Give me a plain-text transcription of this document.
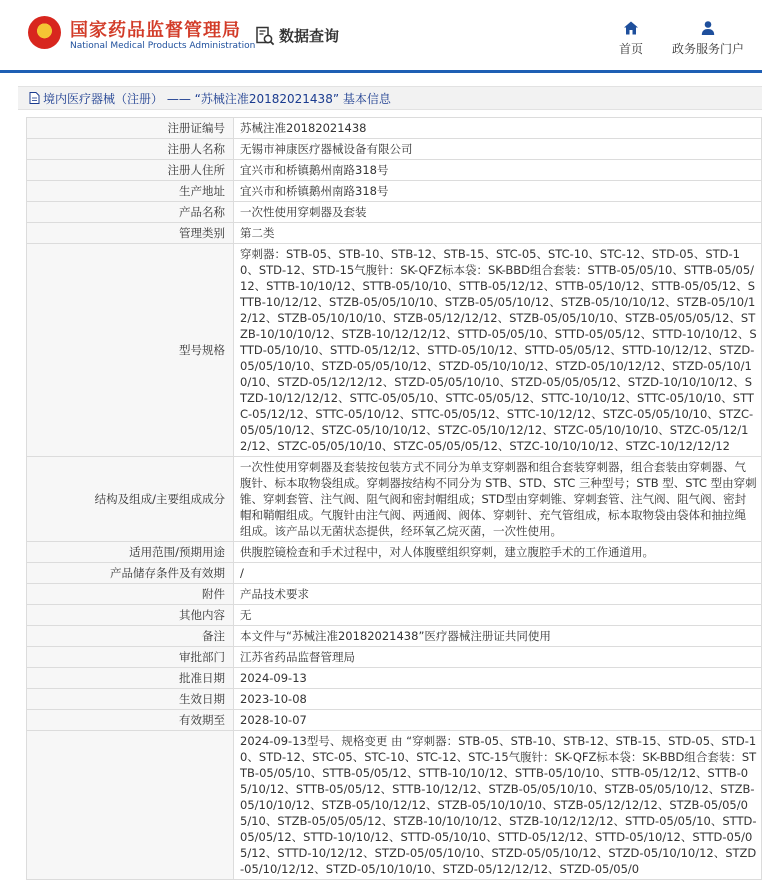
国家药品监督管理局
National Medical Products Administration
数据查询
首页	政务服务门户
境内医疗器械（注册） —— “苏械注准20182021438” 基本信息
注册证编号	苏械注准20182021438
注册人名称	无锡市神康医疗器械设备有限公司
注册人住所	宜兴市和桥镇鹅州南路318号
生产地址	宜兴市和桥镇鹅州南路318号
产品名称	一次性使用穿刺器及套装
管理类别	第二类
型号规格	穿刺器：STB-05、STB-10、STB-12、STB-15、STC-05、STC-10、STC-12、STD-05、STD-10、STD-12、STD-15气腹针：SK-QFZ标本袋：SK-BBD组合套装：STTB-05/05/10、STTB-05/05/12、STTB-10/10/12、STTB-05/10/10、STTB-05/12/12、STTB-05/10/12、STTB-05/05/12、STTB-10/12/12、STZB-05/05/10/10、STZB-05/05/10/12、STZB-05/10/10/12、STZB-05/10/12/12、STZB-05/10/10/10、STZB-05/12/12/12、STZB-05/05/10/10、STZB-05/05/05/12、STZB-10/10/10/12、STZB-10/12/12/12、STTD-05/05/10、STTD-05/05/12、STTD-10/10/12、STTD-05/10/10、STTD-05/12/12、STTD-05/10/12、STTD-05/05/12、STTD-10/12/12、STZD-05/05/10/10、STZD-05/05/10/12、STZD-05/10/10/12、STZD-05/10/12/12、STZD-05/10/10/10、STZD-05/12/12/12、STZD-05/05/10/10、STZD-05/05/05/12、STZD-10/10/10/12、STZD-10/12/12/12、STTC-05/05/10、STTC-05/05/12、STTC-10/10/12、STTC-05/10/10、STTC-05/12/12、STTC-05/10/12、STTC-05/05/12、STTC-10/12/12、STZC-05/05/10/10、STZC-05/05/10/12、STZC-05/10/10/12、STZC-05/10/12/12、STZC-05/10/10/10、STZC-05/12/12/12、STZC-05/05/10/10、STZC-05/05/05/12、STZC-10/10/10/12、STZC-10/12/12/12
结构及组成/主要组成成分	一次性使用穿刺器及套装按包装方式不同分为单支穿刺器和组合套装穿刺器，组合套装由穿刺器、气腹针、标本取物袋组成。穿刺器按结构不同分为 STB、STD、STC 三种型号；STB 型、STC 型由穿刺锥、穿刺套管、注气阀、阻气阀和密封帽组成；STD型由穿刺锥、穿刺套管、注气阀、阻气阀、密封帽和鞘帽组成。气腹针由注气阀、两通阀、阀体、穿刺针、充气管组成，标本取物袋由袋体和抽拉绳组成。该产品以无菌状态提供，经环氧乙烷灭菌，一次性使用。
适用范围/预期用途	供腹腔镜检查和手术过程中，对人体腹壁组织穿刺，建立腹腔手术的工作通道用。
产品储存条件及有效期	/
附件	产品技术要求
其他内容	无
备注	本文件与“苏械注准20182021438”医疗器械注册证共同使用
审批部门	江苏省药品监督管理局
批准日期	2024-09-13
生效日期	2023-10-08
有效期至	2028-10-07
	2024-09-13型号、规格变更 由 “穿刺器：STB-05、STB-10、STB-12、STB-15、STD-05、STD-10、STD-12、STC-05、STC-10、STC-12、STC-15气腹针：SK-QFZ标本袋：SK-BBD组合套装：STTB-05/05/10、STTB-05/05/12、STTB-10/10/12、STTB-05/10/10、STTB-05/12/12、STTB-05/10/12、STTB-05/05/12、STTB-10/12/12、STZB-05/05/10/10、STZB-05/05/10/12、STZB-05/10/10/12、STZB-05/10/12/12、STZB-05/10/10/10、STZB-05/12/12/12、STZB-05/05/05/10、STZB-05/05/05/12、STZB-10/10/10/12、STZB-10/12/12/12、STTD-05/05/10、STTD-05/05/12、STTD-10/10/12、STTD-05/10/10、STTD-05/12/12、STTD-05/10/12、STTD-05/05/12、STTD-10/12/12、STZD-05/05/10/10、STZD-05/05/10/12、STZD-05/10/10/12、STZD-05/10/12/12、STZD-05/10/10/10、STZD-05/12/12/12、STZD-05/05/0
